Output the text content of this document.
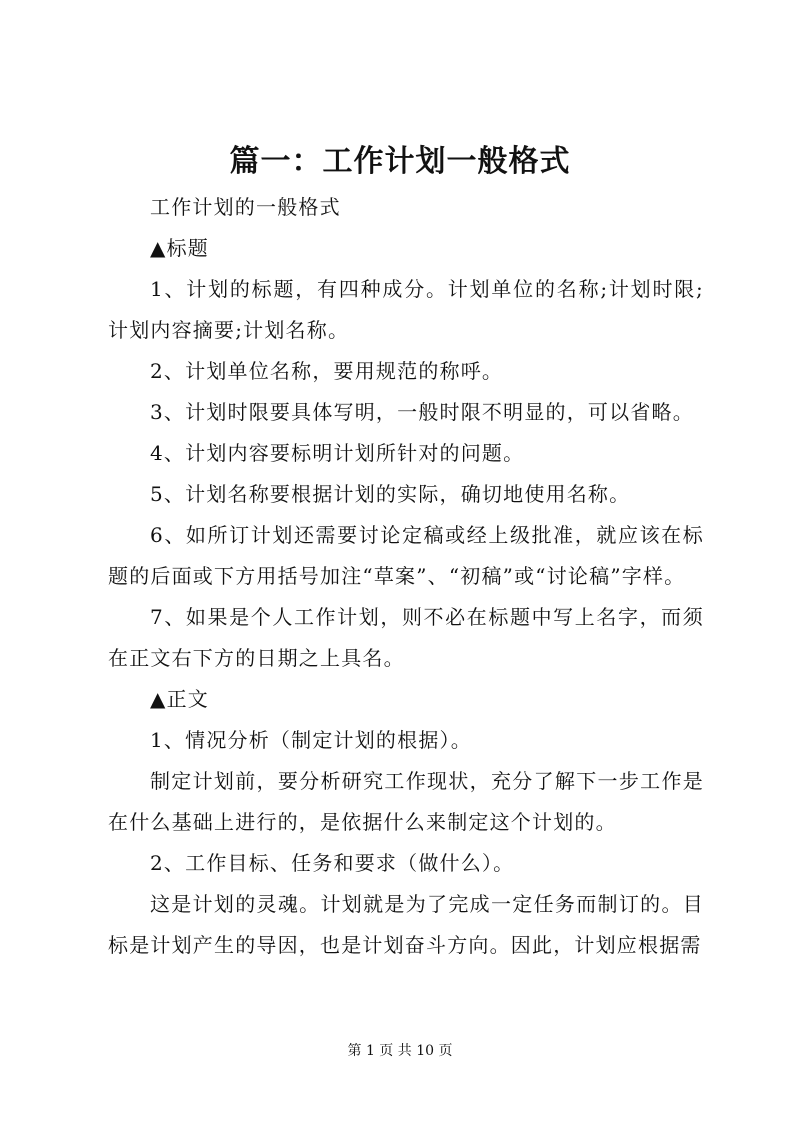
篇一：工作计划一般格式

工作计划的一般格式

▲标题

1、计划的标题，有四种成分。计划单位的名称;计划时限;计划内容摘要;计划名称。

2、计划单位名称，要用规范的称呼。

3、计划时限要具体写明，一般时限不明显的，可以省略。

4、计划内容要标明计划所针对的问题。

5、计划名称要根据计划的实际，确切地使用名称。

6、如所订计划还需要讨论定稿或经上级批准，就应该在标题的后面或下方用括号加注“草案”、“初稿”或“讨论稿”字样。

7、如果是个人工作计划，则不必在标题中写上名字，而须在正文右下方的日期之上具名。

▲正文

1、情况分析（制定计划的根据）。

制定计划前，要分析研究工作现状，充分了解下一步工作是在什么基础上进行的，是依据什么来制定这个计划的。

2、工作目标、任务和要求（做什么）。

这是计划的灵魂。计划就是为了完成一定任务而制订的。目标是计划产生的导因，也是计划奋斗方向。因此，计划应根据需

第 1 页 共 10 页
